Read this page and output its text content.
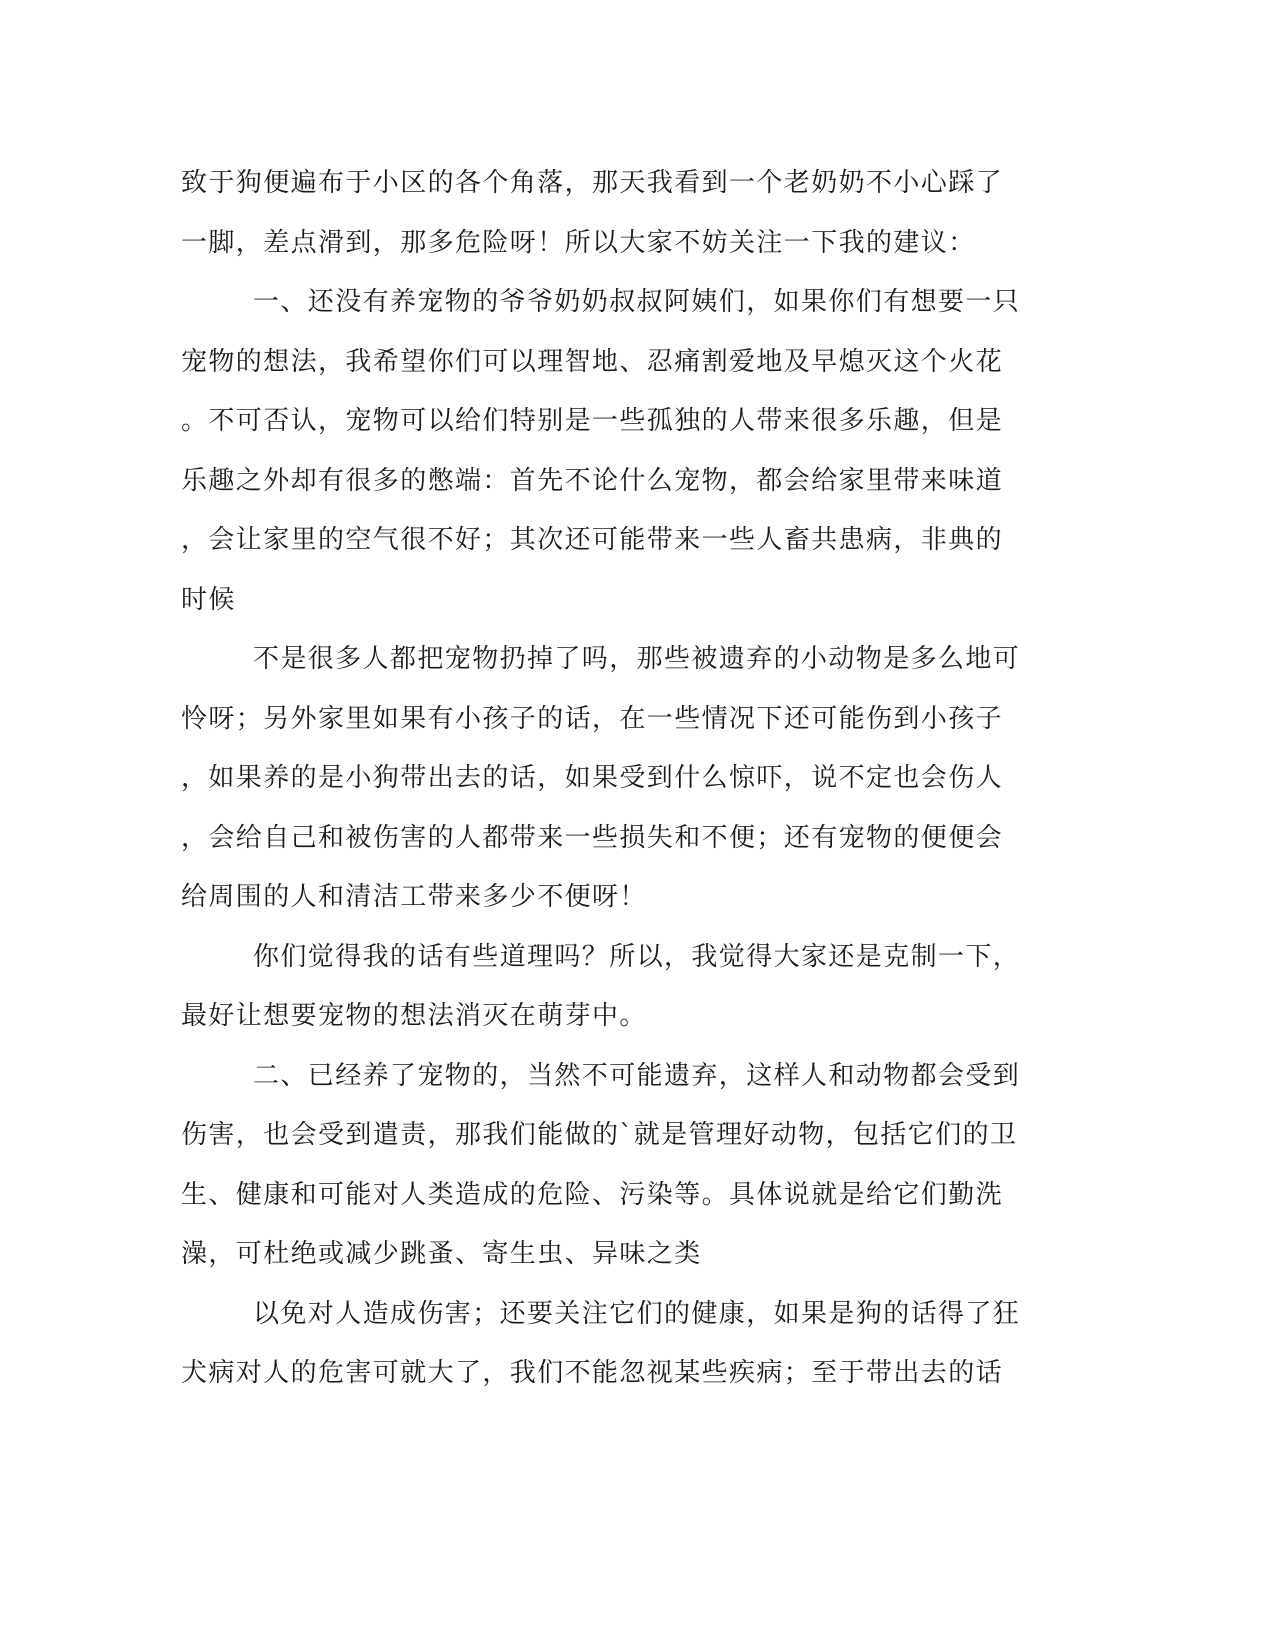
致于狗便遍布于小区的各个角落，那天我看到一个老奶奶不小心踩了
一脚，差点滑到，那多危险呀！所以大家不妨关注一下我的建议：
一、还没有养宠物的爷爷奶奶叔叔阿姨们，如果你们有想要一只
宠物的想法，我希望你们可以理智地、忍痛割爱地及早熄灭这个火花
。不可否认，宠物可以给们特别是一些孤独的人带来很多乐趣，但是
乐趣之外却有很多的憋端：首先不论什么宠物，都会给家里带来味道
，会让家里的空气很不好；其次还可能带来一些人畜共患病，非典的
时候
不是很多人都把宠物扔掉了吗，那些被遗弃的小动物是多么地可
怜呀；另外家里如果有小孩子的话，在一些情况下还可能伤到小孩子
，如果养的是小狗带出去的话，如果受到什么惊吓，说不定也会伤人
，会给自己和被伤害的人都带来一些损失和不便；还有宠物的便便会
给周围的人和清洁工带来多少不便呀！
你们觉得我的话有些道理吗？所以，我觉得大家还是克制一下，
最好让想要宠物的想法消灭在萌芽中。
二、已经养了宠物的，当然不可能遗弃，这样人和动物都会受到
伤害，也会受到遣责，那我们能做的`就是管理好动物，包括它们的卫
生、健康和可能对人类造成的危险、污染等。具体说就是给它们勤洗
澡，可杜绝或减少跳蚤、寄生虫、异味之类
以免对人造成伤害；还要关注它们的健康，如果是狗的话得了狂
犬病对人的危害可就大了，我们不能忽视某些疾病；至于带出去的话
